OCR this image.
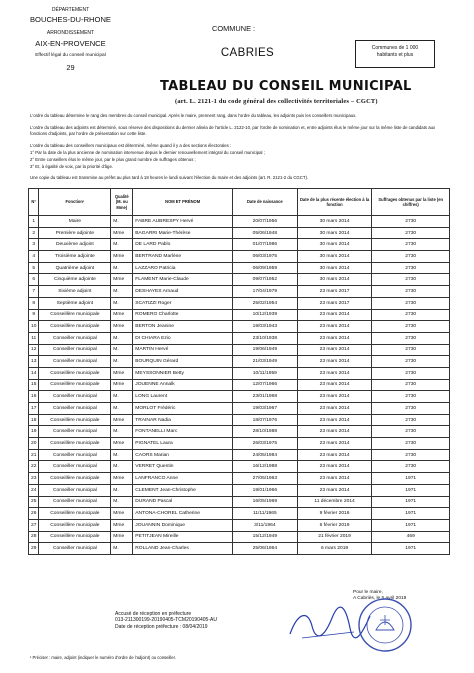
DÉPARTEMENT
BOUCHES-DU-RHONE
ARRONDISSEMENT
AIX-EN-PROVENCE
Effectif légal du conseil municipal
29
COMMUNE :
CABRIES	Communes de 1 000
habitants et plus
TABLEAU DU CONSEIL MUNICIPAL
(art. L. 2121-1 du code général des collectivités territoriales – CGCT)
L'ordre du tableau détermine le rang des membres du conseil municipal. Après le maire, prennent rang, dans l'ordre du tableau, les adjoints puis les conseillers municipaux.
L'ordre du tableau des adjoints est déterminé, sous réserve des dispositions du dernier alinéa de l'article L. 2122-10, par l'ordre de nomination et, entre adjoints élus le même jour sur la même liste de candidats aux fonctions d'adjoints, par l'ordre de présentation sur cette liste.
L'ordre du tableau des conseillers municipaux est déterminé, même quand il y a des sections électorales :
1° Par la date de la plus ancienne de nomination intervenue depuis le dernier renouvellement intégral du conseil municipal ;
2° Entre conseillers élus le même jour, par le plus grand nombre de suffrages obtenus ;
3° Et, à égalité de voix, par la priorité d'âge.
Une copie du tableau est transmise au préfet au plus tard à 18 heures le lundi suivant l'élection du maire et des adjoints (art. R. 2121-2 du CGCT).
N°	Fonction¹	Qualité (M. ou Mme)	NOM ET PRÉNOM	Date de naissance	Date de la plus récente élection à la fonction	Suffrages obtenus par la liste (en chiffres)
1	Maire	M.	FABRE AUBRESPY Hervé	20/07/1956	30 mars 2014	2730
2	Première adjointe	Mme	BAGARRI Marie-Thérèse	05/06/1948	30 mars 2014	2730
3	Deuxième adjoint	M.	DE LARD Pablo	01/07/1986	30 mars 2014	2730
4	Troisième adjointe	Mme	BERTRAND Marlène	06/03/1975	30 mars 2014	2730
5	Quatrième adjoint	M.	LAZZARO Patricia	06/09/1959	30 mars 2014	2730
6	Cinquième adjointe	Mme	FLAMENT Marie-Claude	09/07/1952	30 mars 2014	2730
7	Sixième adjoint	M.	DESHAYES Arnaud	17/04/1979	23 mars 2017	2730
8	Septième adjoint	M.	SCATIZZI Roger	25/02/1954	23 mars 2017	2730
9	Conseillère municipale	Mme	ROMERO Charlotte	10/12/1939	23 mars 2014	2730
10	Conseillère municipale	Mme	BERTON Jeanine	19/03/1943	23 mars 2014	2730
11	Conseiller municipal	M.	DI CHIARA Ezio	23/10/1938	23 mars 2014	2730
12	Conseiller municipal	M.	MARTIN Hervé	19/06/1949	23 mars 2014	2730
13	Conseiller municipal	M.	BOURQUIN Gérard	21/03/1949	23 mars 2014	2730
14	Conseillère municipale	Mme	MEYSSONNIER Betty	10/11/1959	23 mars 2014	2730
15	Conseillère municipale	Mme	JOUENNE Annalk	12/07/1966	23 mars 2014	2730
16	Conseiller municipal	M.	LONG Laurent	23/01/1968	23 mars 2014	2730
17	Conseiller municipal	M.	MORLOT Frédéric	19/03/1967	23 mars 2014	2730
18	Conseillère municipale	Mme	TRAINAR Nadia	18/07/1976	23 mars 2014	2730
19	Conseiller municipal	M.	FONTANELLI Marc	28/10/1988	23 mars 2014	2730
20	Conseillère municipale	Mme	PIGNATEL Laura	26/03/1975	23 mars 2014	2730
21	Conseiller municipal	M.	CAORS Marian	24/05/1984	23 mars 2014	2730
22	Conseiller municipal	M.	VERRET Quentin	16/12/1988	23 mars 2014	2730
23	Conseillère municipale	Mme	LANFRANCO Anne	27/05/1963	23 mars 2014	1971
24	Conseiller municipal	M.	CLEMENT Jean-Christophe	19/01/1966	23 mars 2014	1971
25	Conseiller municipal	M.	DURAND Pascal	16/05/1969	11 décembre 2014	1971
26	Conseillère municipale	Mme	ANTONA-CHOREL Catherine	11/11/1965	9 février 2016	1971
27	Conseillère municipale	Mme	JOUANNIN Dominique	3/11/1964	6 février 2019	1971
28	Conseillère municipale	Mme	PETITJEAN Mireille	15/12/1949	21 février 2019	469
29	Conseiller municipal	M.	ROLLAND Jean-Charles	25/06/1964	6 mars 2019	1971
Pour le maire,
A Cabriès, le 5 avril 2019
Accusé de réception en préfecture
013-211300199-20190405-TCM20190405-AU
Date de réception préfecture : 08/04/2019
¹ Préciser : maire, adjoint (indiquer le numéro d'ordre de l'adjoint) ou conseiller.
